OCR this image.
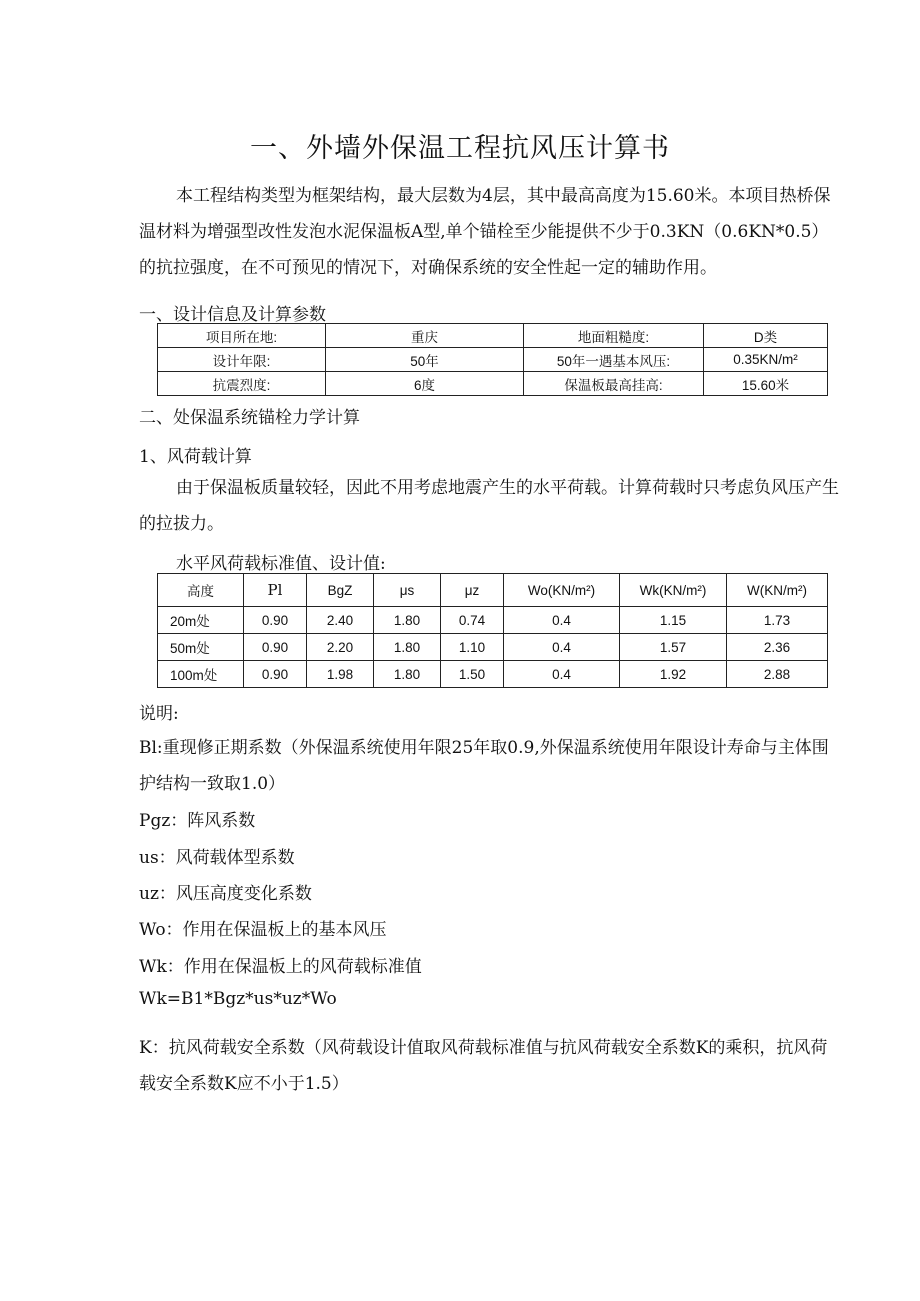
一、外墙外保温工程抗风压计算书

本工程结构类型为框架结构，最大层数为4层，其中最高高度为15.60米。本项目热桥保温材料为增强型改性发泡水泥保温板A型,单个锚栓至少能提供不少于0.3KN（0.6KN*0.5）的抗拉强度，在不可预见的情况下，对确保系统的安全性起一定的辅助作用。

一、设计信息及计算参数
项目所在地:	重庆	地面粗糙度:	D类
设计年限:	50年	50年一遇基本风压:	0.35KN/m²
抗震烈度:	6度	保温板最高挂高:	15.60米
二、处保温系统锚栓力学计算
1、风荷载计算

由于保温板质量较轻，因此不用考虑地震产生的水平荷载。计算荷载时只考虑负风压产生的拉拔力。

水平风荷载标准值、设计值:
高度	Pl	BgZ	μs	μz	Wo(KN/m²)	Wk(KN/m²)	W(KN/m²)
20m处	0.90	2.40	1.80	0.74	0.4	1.15	1.73
50m处	0.90	2.20	1.80	1.10	0.4	1.57	2.36
100m处	0.90	1.98	1.80	1.50	0.4	1.92	2.88
说明:

Bl:重现修正期系数（外保温系统使用年限25年取0.9,外保温系统使用年限设计寿命与主体围护结构一致取1.0）

Pgz：阵风系数
us：风荷载体型系数
uz：风压高度变化系数
Wo：作用在保温板上的基本风压
Wk：作用在保温板上的风荷载标准值
Wk=B1*Bgz*us*uz*Wo

K：抗风荷载安全系数（风荷载设计值取风荷载标准值与抗风荷载安全系数K的乘积，抗风荷载安全系数K应不小于1.5）
